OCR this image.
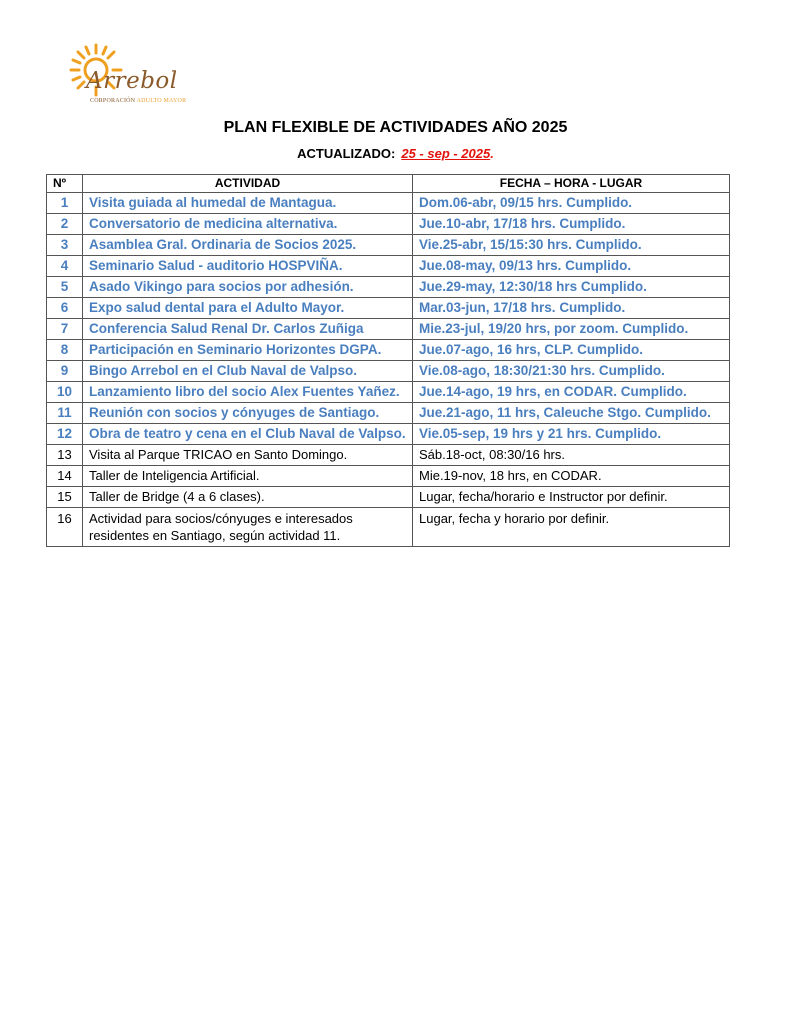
Arrebol
CORPORACIÓN ADULTO MAYOR
PLAN FLEXIBLE DE ACTIVIDADES AÑO 2025
ACTUALIZADO: 25 - sep - 2025.
Nº	ACTIVIDAD	FECHA – HORA - LUGAR
1	Visita guiada al humedal de Mantagua.	Dom.06-abr, 09/15 hrs. Cumplido.
2	Conversatorio de medicina alternativa.	Jue.10-abr, 17/18 hrs. Cumplido.
3	Asamblea Gral. Ordinaria de Socios 2025.	Vie.25-abr, 15/15:30 hrs. Cumplido.
4	Seminario Salud - auditorio HOSPVIÑA.	Jue.08-may, 09/13 hrs. Cumplido.
5	Asado Vikingo para socios por adhesión.	Jue.29-may, 12:30/18 hrs Cumplido.
6	Expo salud dental para el Adulto Mayor.	Mar.03-jun, 17/18 hrs. Cumplido.
7	Conferencia Salud Renal Dr. Carlos Zuñiga	Mie.23-jul, 19/20 hrs, por zoom. Cumplido.
8	Participación en Seminario Horizontes DGPA.	Jue.07-ago, 16 hrs, CLP. Cumplido.
9	Bingo Arrebol en el Club Naval de Valpso.	Vie.08-ago, 18:30/21:30 hrs. Cumplido.
10	Lanzamiento libro del socio Alex Fuentes Yañez.	Jue.14-ago, 19 hrs, en CODAR. Cumplido.
11	Reunión con socios y cónyuges de Santiago.	Jue.21-ago, 11 hrs, Caleuche Stgo. Cumplido.
12	Obra de teatro y cena en el Club Naval de Valpso.	Vie.05-sep, 19 hrs y 21 hrs. Cumplido.
13	Visita al Parque TRICAO en Santo Domingo.	Sáb.18-oct, 08:30/16 hrs.
14	Taller de Inteligencia Artificial.	Mie.19-nov, 18 hrs, en CODAR.
15	Taller de Bridge (4 a 6 clases).	Lugar, fecha/horario e Instructor por definir.
16	Actividad para socios/cónyuges e interesados residentes en Santiago, según actividad 11.	Lugar, fecha y horario por definir.
